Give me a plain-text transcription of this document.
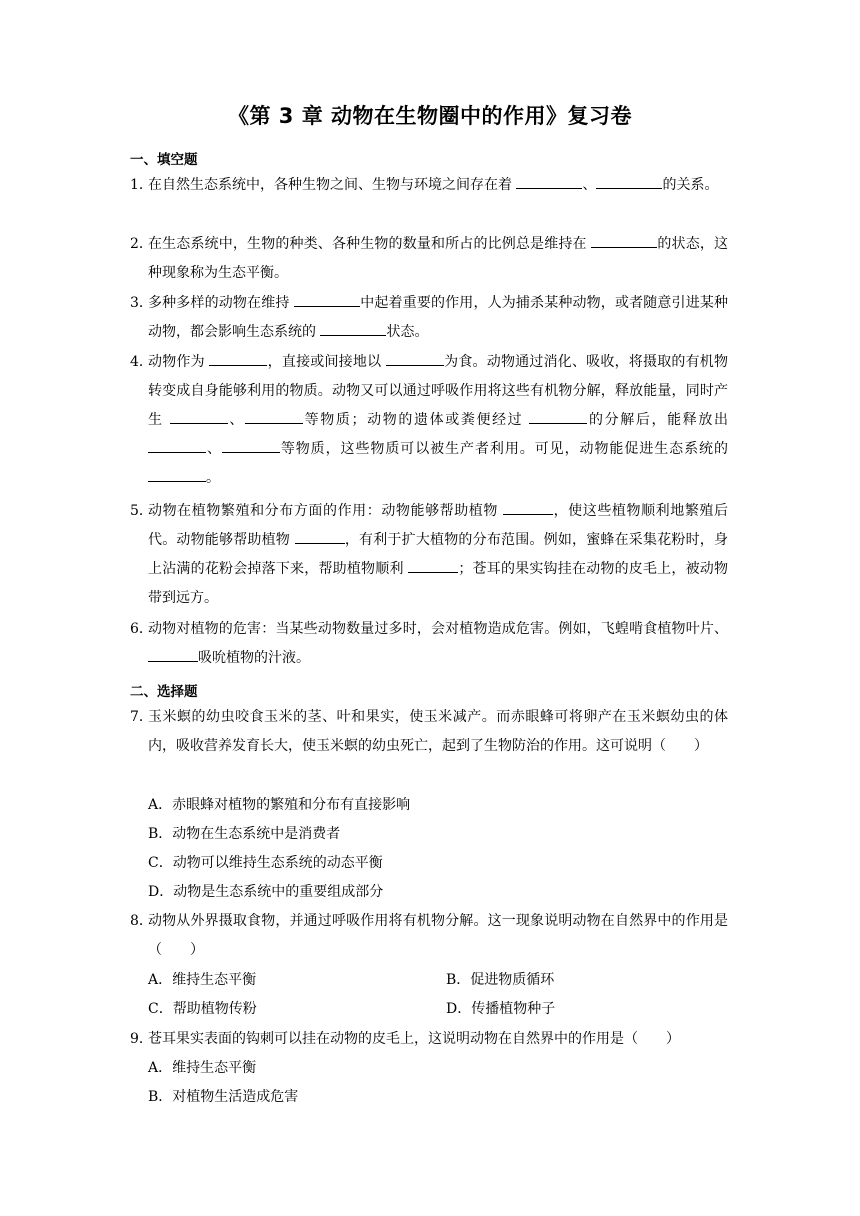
《第 3 章 动物在生物圈中的作用》复习卷
一、填空题
1．
在自然生态系统中，各种生物之间、生物与环境之间存在着	、	的关系。
2．
在生态系统中，生物的种类、各种生物的数量和所占的比例总是维持在	的状态，这种现象称为生态平衡。
3．
多种多样的动物在维持	中起着重要的作用，人为捕杀某种动物，或者随意引进某种动物，都会影响生态系统的	状态。
4．
动物作为	，直接或间接地以	为食。动物通过消化、吸收，将摄取的有机物转变成自身能够利用的物质。动物又可以通过呼吸作用将这些有机物分解，释放能量，同时产生	、	等物质；动物的遗体或粪便经过	的分解后，能释放出 、	等物质，这些物质可以被生产者利用。可见，动物能促进生态系统的 。
5．
动物在植物繁殖和分布方面的作用：动物能够帮助植物	，使这些植物顺利地繁殖后代。动物能够帮助植物	，有利于扩大植物的分布范围。例如，蜜蜂在采集花粉时，身上沾满的花粉会掉落下来，帮助植物顺利	；苍耳的果实钩挂在动物的皮毛上，被动物带到远方。
6．
动物对植物的危害：当某些动物数量过多时，会对植物造成危害。例如，飞蝗啃食植物叶片、吸吮植物的汁液。
二、选择题
7．
玉米螟的幼虫咬食玉米的茎、叶和果实，使玉米减产。而赤眼蜂可将卵产在玉米螟幼虫的体内，吸收营养发育长大，使玉米螟的幼虫死亡，起到了生物防治的作用。这可说明（　　）
A．赤眼蜂对植物的繁殖和分布有直接影响
B．动物在生态系统中是消费者
C．动物可以维持生态系统的动态平衡
D．动物是生态系统中的重要组成部分
8．
动物从外界摄取食物，并通过呼吸作用将有机物分解。这一现象说明动物在自然界中的作用是（　　）
A．维持生态平衡	B．促进物质循环
C．帮助植物传粉	D．传播植物种子
9．
苍耳果实表面的钩刺可以挂在动物的皮毛上，这说明动物在自然界中的作用是（　　）
A．维持生态平衡
B．对植物生活造成危害
